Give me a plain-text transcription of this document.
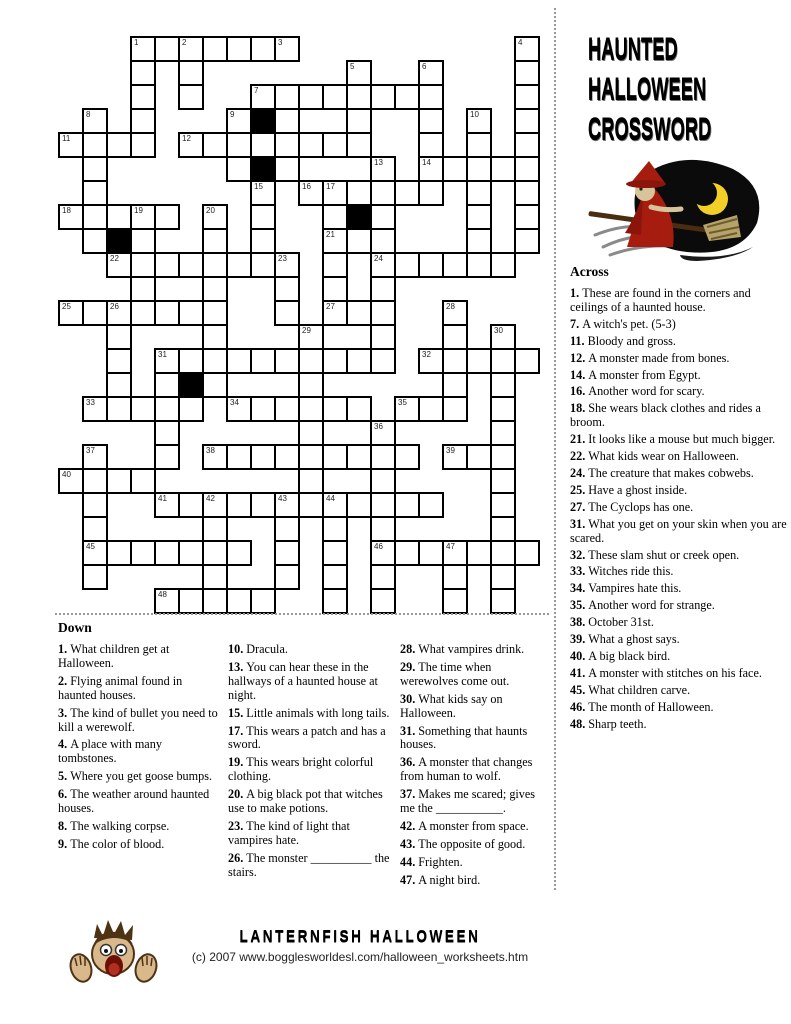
1	2	3	4
5	6
7
8	9	10
11	12
13	14
15	16 17
18	19	20
21
22	23	24
25	26	27	28
29	30
31	32
33	34	35
36
37	38	39
40
41	42	43	44
45	46	47
48
HAUNTED
HALLOWEEN
CROSSWORD
Across

1. These are found in the corners and ceilings of a haunted house.

7. A witch's pet. (5-3)

11. Bloody and gross.

12. A monster made from bones.

14. A monster from Egypt.

16. Another word for scary.

18. She wears black clothes and rides a broom.

21. It looks like a mouse but much bigger.

22. What kids wear on Halloween.

24. The creature that makes cobwebs.

25. Have a ghost inside.

27. The Cyclops has one.

31. What you get on your skin when you are scared.

32. These slam shut or creek open.

33. Witches ride this.

34. Vampires hate this.

35. Another word for strange.

38. October 31st.

39. What a ghost says.

40. A big black bird.

41. A monster with stitches on his face.

45. What children carve.

46. The month of Halloween.

48. Sharp teeth.

Down

1. What children get at Halloween.

2. Flying animal found in haunted houses.

3. The kind of bullet you need to kill a werewolf.

4. A place with many tombstones.

5. Where you get goose bumps.

6. The weather around haunted houses.

8. The walking corpse.

9. The color of blood.

10. Dracula.

13. You can hear these in the hallways of a haunted house at night.

15. Little animals with long tails.

17. This wears a patch and has a sword.

19. This wears bright colorful clothing.

20. A big black pot that witches use to make potions.

23. The kind of light that vampires hate.

26. The monster __________ the stairs.

28. What vampires drink.

29. The time when werewolves come out.

30. What kids say on Halloween.

31. Something that haunts houses.

36. A monster that changes from human to wolf.

37. Makes me scared; gives me the ___________.

42. A monster from space.

43. The opposite of good.

44. Frighten.

47. A night bird.

LANTERNFISH HALLOWEEN
(c) 2007 www.bogglesworldesl.com/halloween_worksheets.htm
